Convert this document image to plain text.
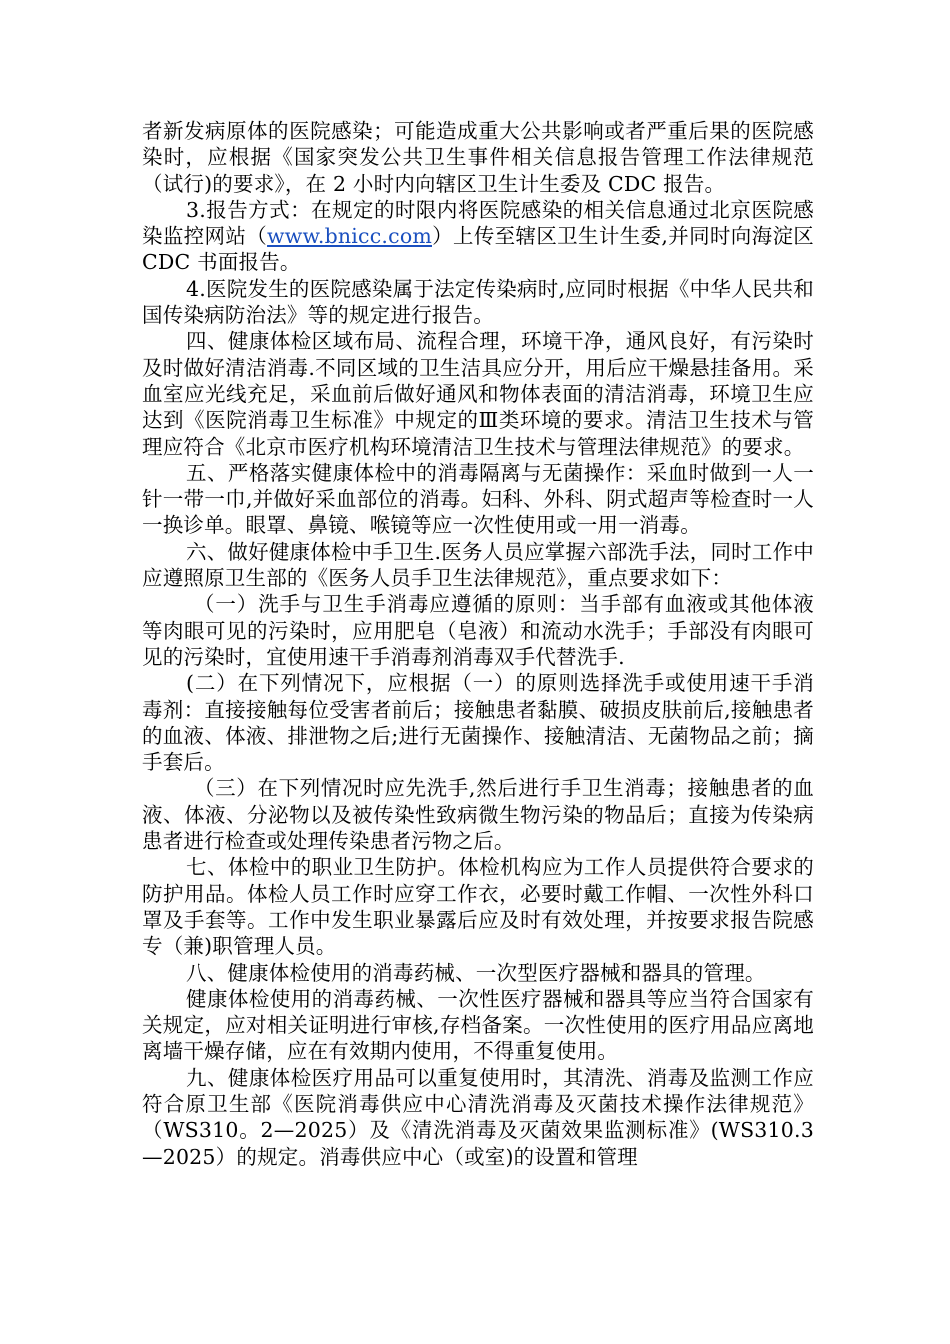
者新发病原体的医院感染；可能造成重大公共影响或者严重后果的医院感染时，应根据《国家突发公共卫生事件相关信息报告管理工作法律规范（试行)的要求》，在 2 小时内向辖区卫生计生委及 CDC 报告。

3.报告方式：在规定的时限内将医院感染的相关信息通过北京医院感染监控网站（www.bnicc.com）上传至辖区卫生计生委,并同时向海淀区 CDC 书面报告。

4.医院发生的医院感染属于法定传染病时,应同时根据《中华人民共和国传染病防治法》等的规定进行报告。

四、健康体检区域布局、流程合理，环境干净，通风良好，有污染时及时做好清洁消毒.不同区域的卫生洁具应分开，用后应干燥悬挂备用。采血室应光线充足，采血前后做好通风和物体表面的清洁消毒，环境卫生应达到《医院消毒卫生标准》中规定的Ⅲ类环境的要求。清洁卫生技术与管理应符合《北京市医疗机构环境清洁卫生技术与管理法律规范》的要求。

五、严格落实健康体检中的消毒隔离与无菌操作：采血时做到一人一针一带一巾,并做好采血部位的消毒。妇科、外科、阴式超声等检查时一人一换诊单。眼罩、鼻镜、喉镜等应一次性使用或一用一消毒。

六、做好健康体检中手卫生.医务人员应掌握六部洗手法，同时工作中应遵照原卫生部的《医务人员手卫生法律规范》，重点要求如下：

（一）洗手与卫生手消毒应遵循的原则：当手部有血液或其他体液等肉眼可见的污染时，应用肥皂（皂液）和流动水洗手；手部没有肉眼可见的污染时，宜使用速干手消毒剂消毒双手代替洗手.

(二）在下列情况下，应根据（一）的原则选择洗手或使用速干手消毒剂：直接接触每位受害者前后；接触患者黏膜、破损皮肤前后,接触患者的血液、体液、排泄物之后;进行无菌操作、接触清洁、无菌物品之前；摘手套后。

（三）在下列情况时应先洗手,然后进行手卫生消毒；接触患者的血液、体液、分泌物以及被传染性致病微生物污染的物品后；直接为传染病患者进行检查或处理传染患者污物之后。

七、体检中的职业卫生防护。体检机构应为工作人员提供符合要求的防护用品。体检人员工作时应穿工作衣，必要时戴工作帽、一次性外科口罩及手套等。工作中发生职业暴露后应及时有效处理，并按要求报告院感专（兼)职管理人员。

八、健康体检使用的消毒药械、一次型医疗器械和器具的管理。

健康体检使用的消毒药械、一次性医疗器械和器具等应当符合国家有关规定，应对相关证明进行审核,存档备案。一次性使用的医疗用品应离地离墙干燥存储，应在有效期内使用，不得重复使用。

九、健康体检医疗用品可以重复使用时，其清洗、消毒及监测工作应符合原卫生部《医院消毒供应中心清洗消毒及灭菌技术操作法律规范》（WS310。2—2025）及《清洗消毒及灭菌效果监测标准》(WS310.3—2025）的规定。消毒供应中心（或室)的设置和管理
